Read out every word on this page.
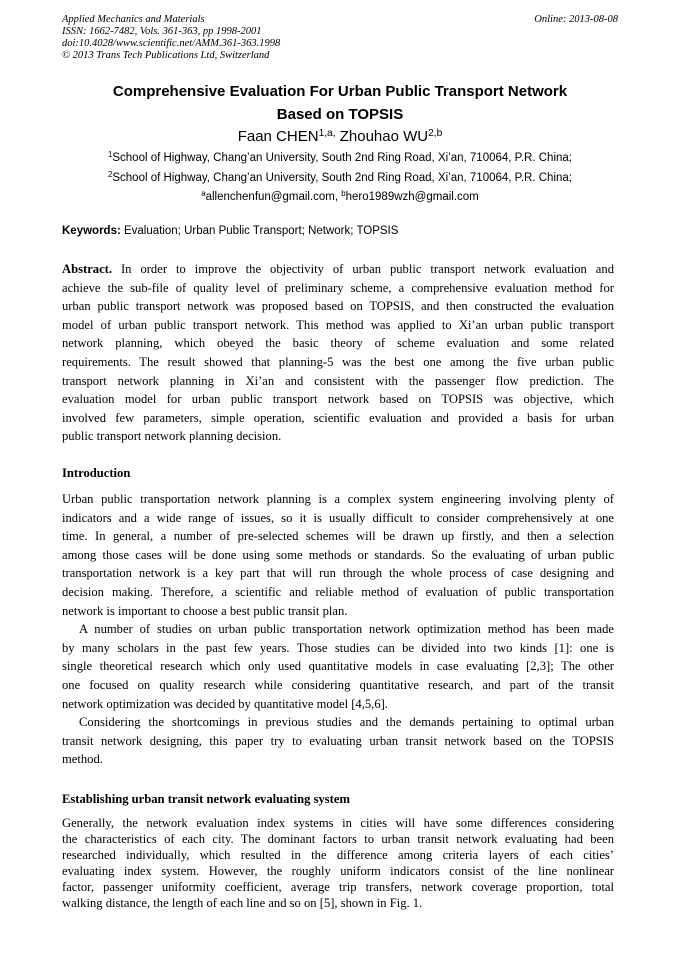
Applied Mechanics and Materials
ISSN: 1662-7482, Vols. 361-363, pp 1998-2001
doi:10.4028/www.scientific.net/AMM.361-363.1998
© 2013 Trans Tech Publications Ltd, Switzerland
Online: 2013-08-08
Comprehensive Evaluation For Urban Public Transport Network
Based on TOPSIS
Faan $CHEN^{1,a,}$ Zhouhao WU$^{2,b}$
$^1$School of Highway, Chang’an University, South 2nd Ring Road, Xi’an, 710064, P.R. China;
$^2$School of Highway, Chang’an University, South 2nd Ring Road, Xi’an, 710064, P.R. China;
$^a$allenchenfun@gmail.com, $^b$hero1989wzh@gmail.com
Keywords: Evaluation; Urban Public Transport; Network; TOPSIS
Abstract. In order to improve the objectivity of urban public transport network evaluation and
achieve the sub-file of quality level of preliminary scheme, a comprehensive evaluation method for
urban public transport network was proposed based on TOPSIS, and then constructed the evaluation
model of urban public transport network. This method was applied to Xi’an urban public transport
network planning, which obeyed the basic theory of scheme evaluation and some related
requirements. The result showed that planning-5 was the best one among the five urban public
transport network planning in Xi’an and consistent with the passenger flow prediction. The
evaluation model for urban public transport network based on TOPSIS was objective, which
involved few parameters, simple operation, scientific evaluation and provided a basis for urban
public transport network planning decision.
Introduction
Urban public transportation network planning is a complex system engineering involving plenty of
indicators and a wide range of issues, so it is usually difficult to consider comprehensively at one
time. In general, a number of pre-selected schemes will be drawn up firstly, and then a selection
among those cases will be done using some methods or standards. So the evaluating of urban public
transportation network is a key part that will run through the whole process of case designing and
decision making. Therefore, a scientific and reliable method of evaluation of public transportation
network is important to choose a best public transit plan.
A number of studies on urban public transportation network optimization method has been made
by many scholars in the past few years. Those studies can be divided into two kinds [1]: one is
single theoretical research which only used quantitative models in case evaluating [2,3]; The other
one focused on quality research while considering quantitative research, and part of the transit
network optimization was decided by quantitative model [4,5,6].
Considering the shortcomings in previous studies and the demands pertaining to optimal urban
transit network designing, this paper try to evaluating urban transit network based on the TOPSIS
method.
Establishing urban transit network evaluating system
Generally, the network evaluation index systems in cities will have some differences considering
the characteristics of each city. The dominant factors to urban transit network evaluating had been
researched individually, which resulted in the difference among criteria layers of each cities’
evaluating index system. However, the roughly uniform indicators consist of the line nonlinear
factor, passenger uniformity coefficient, average trip transfers, network coverage proportion, total
walking distance, the length of each line and so on [5], shown in Fig. 1.
